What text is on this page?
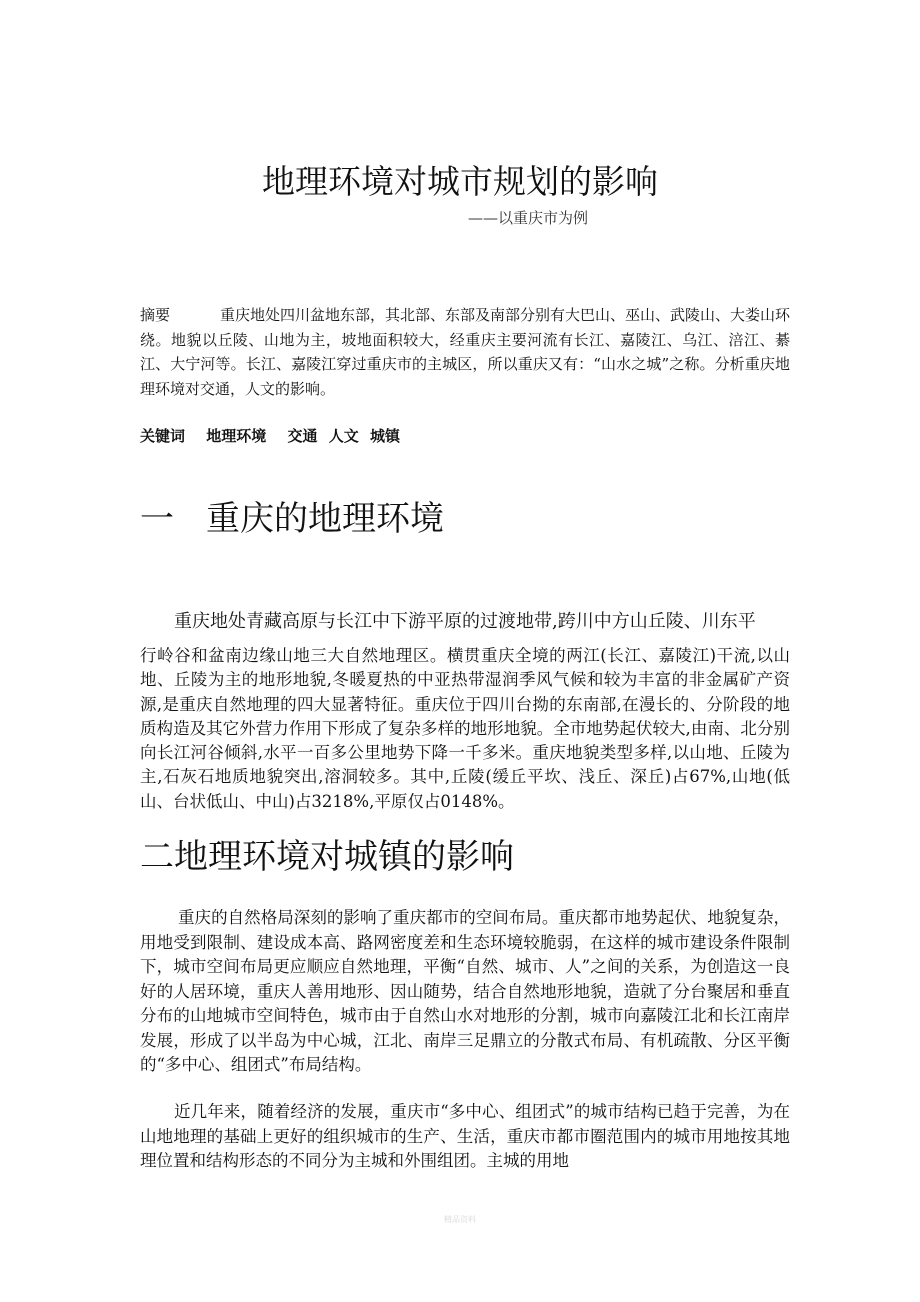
地理环境对城市规划的影响
——以重庆市为例

摘要	重庆地处四川盆地东部，其北部、东部及南部分别有大巴山、巫山、武陵山、大娄山环绕。地貌以丘陵、山地为主，坡地面积较大，经重庆主要河流有长江、嘉陵江、乌江、涪江、綦江、大宁河等。长江、嘉陵江穿过重庆市的主城区，所以重庆又有：“山水之城”之称。分析重庆地理环境对交通，人文的影响。

关键词 地理环境 交通 人文 城镇
一 重庆的地理环境

重庆地处青藏高原与长江中下游平原的过渡地带,跨川中方山丘陵、川东平
行岭谷和盆南边缘山地三大自然地理区。横贯重庆全境的两江(长江、嘉陵江)干流,以山地、丘陵为主的地形地貌,冬暖夏热的中亚热带湿润季风气候和较为丰富的非金属矿产资源,是重庆自然地理的四大显著特征。重庆位于四川台拗的东南部,在漫长的、分阶段的地质构造及其它外营力作用下形成了复杂多样的地形地貌。全市地势起伏较大,由南、北分别向长江河谷倾斜,水平一百多公里地势下降一千多米。重庆地貌类型多样,以山地、丘陵为主,石灰石地质地貌突出,溶洞较多。其中,丘陵(缓丘平坎、浅丘、深丘)占67%,山地(低山、台状低山、中山)占3218%,平原仅占0148%。

二地理环境对城镇的影响

重庆的自然格局深刻的影响了重庆都市的空间布局。重庆都市地势起伏、地貌复杂，用地受到限制、建设成本高、路网密度差和生态环境较脆弱，在这样的城市建设条件限制下，城市空间布局更应顺应自然地理，平衡“自然、城市、人”之间的关系，为创造这一良好的人居环境，重庆人善用地形、因山随势，结合自然地形地貌，造就了分台聚居和垂直分布的山地城市空间特色，城市由于自然山水对地形的分割，城市向嘉陵江北和长江南岸发展，形成了以半岛为中心城，江北、南岸三足鼎立的分散式布局、有机疏散、分区平衡的“多中心、组团式”布局结构。

近几年来，随着经济的发展，重庆市“多中心、组团式”的城市结构已趋于完善，为在山地地理的基础上更好的组织城市的生产、生活，重庆市都市圈范围内的城市用地按其地理位置和结构形态的不同分为主城和外围组团。主城的用地

精品资料
